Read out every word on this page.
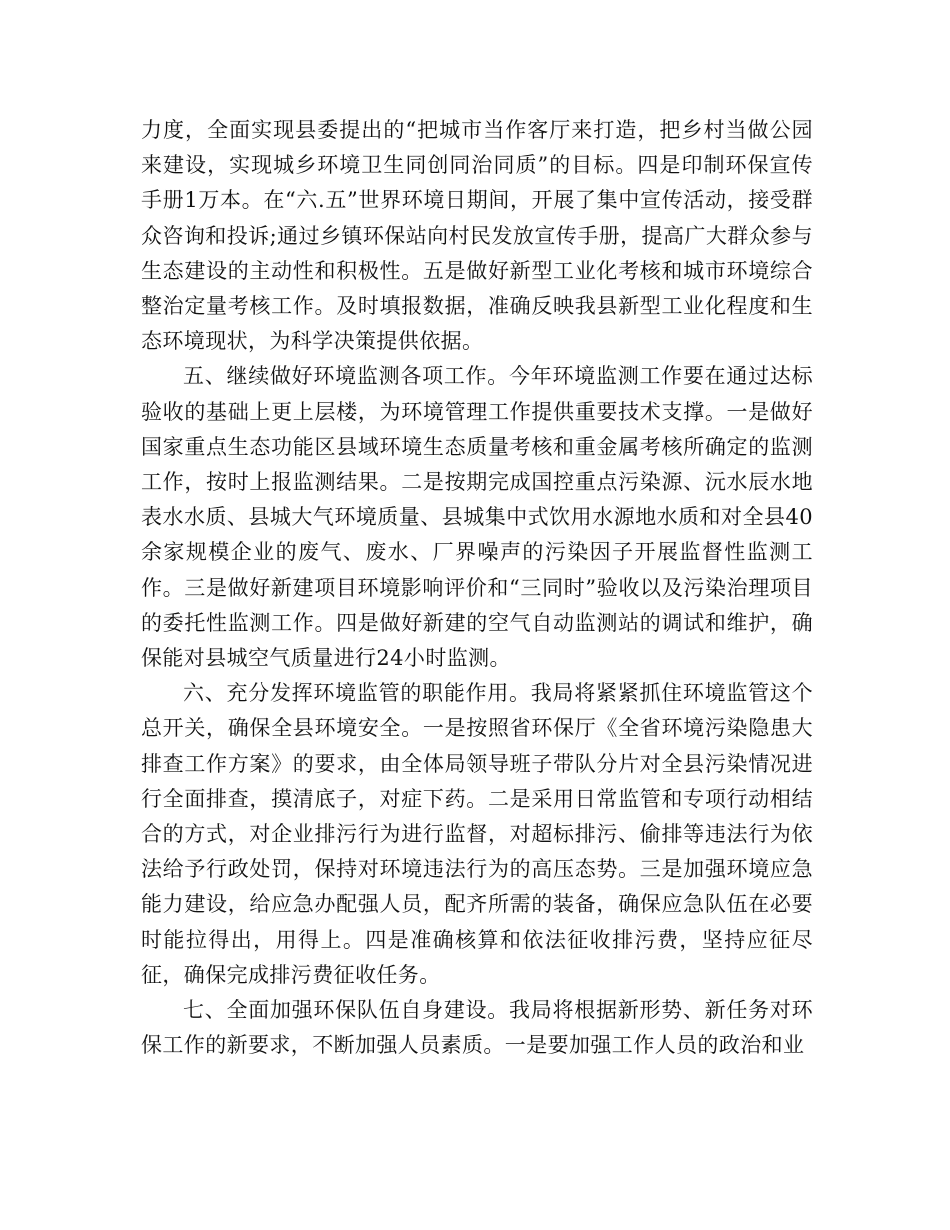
力度，全面实现县委提出的“把城市当作客厅来打造，把乡村当做公园来建设，实现城乡环境卫生同创同治同质”的目标。四是印制环保宣传手册1万本。在“六.五”世界环境日期间，开展了集中宣传活动，接受群众咨询和投诉;通过乡镇环保站向村民发放宣传手册，提高广大群众参与生态建设的主动性和积极性。五是做好新型工业化考核和城市环境综合整治定量考核工作。及时填报数据，准确反映我县新型工业化程度和生态环境现状，为科学决策提供依据。

五、继续做好环境监测各项工作。今年环境监测工作要在通过达标验收的基础上更上层楼，为环境管理工作提供重要技术支撑。一是做好国家重点生态功能区县域环境生态质量考核和重金属考核所确定的监测工作，按时上报监测结果。二是按期完成国控重点污染源、沅水辰水地表水水质、县城大气环境质量、县城集中式饮用水源地水质和对全县40余家规模企业的废气、废水、厂界噪声的污染因子开展监督性监测工作。三是做好新建项目环境影响评价和“三同时”验收以及污染治理项目的委托性监测工作。四是做好新建的空气自动监测站的调试和维护，确保能对县城空气质量进行24小时监测。

六、充分发挥环境监管的职能作用。我局将紧紧抓住环境监管这个总开关，确保全县环境安全。一是按照省环保厅《全省环境污染隐患大排查工作方案》的要求，由全体局领导班子带队分片对全县污染情况进行全面排查，摸清底子，对症下药。二是采用日常监管和专项行动相结合的方式，对企业排污行为进行监督，对超标排污、偷排等违法行为依法给予行政处罚，保持对环境违法行为的高压态势。三是加强环境应急能力建设，给应急办配强人员，配齐所需的装备，确保应急队伍在必要时能拉得出，用得上。四是准确核算和依法征收排污费，坚持应征尽征，确保完成排污费征收任务。

七、全面加强环保队伍自身建设。我局将根据新形势、新任务对环保工作的新要求，不断加强人员素质。一是要加强工作人员的政治和业
